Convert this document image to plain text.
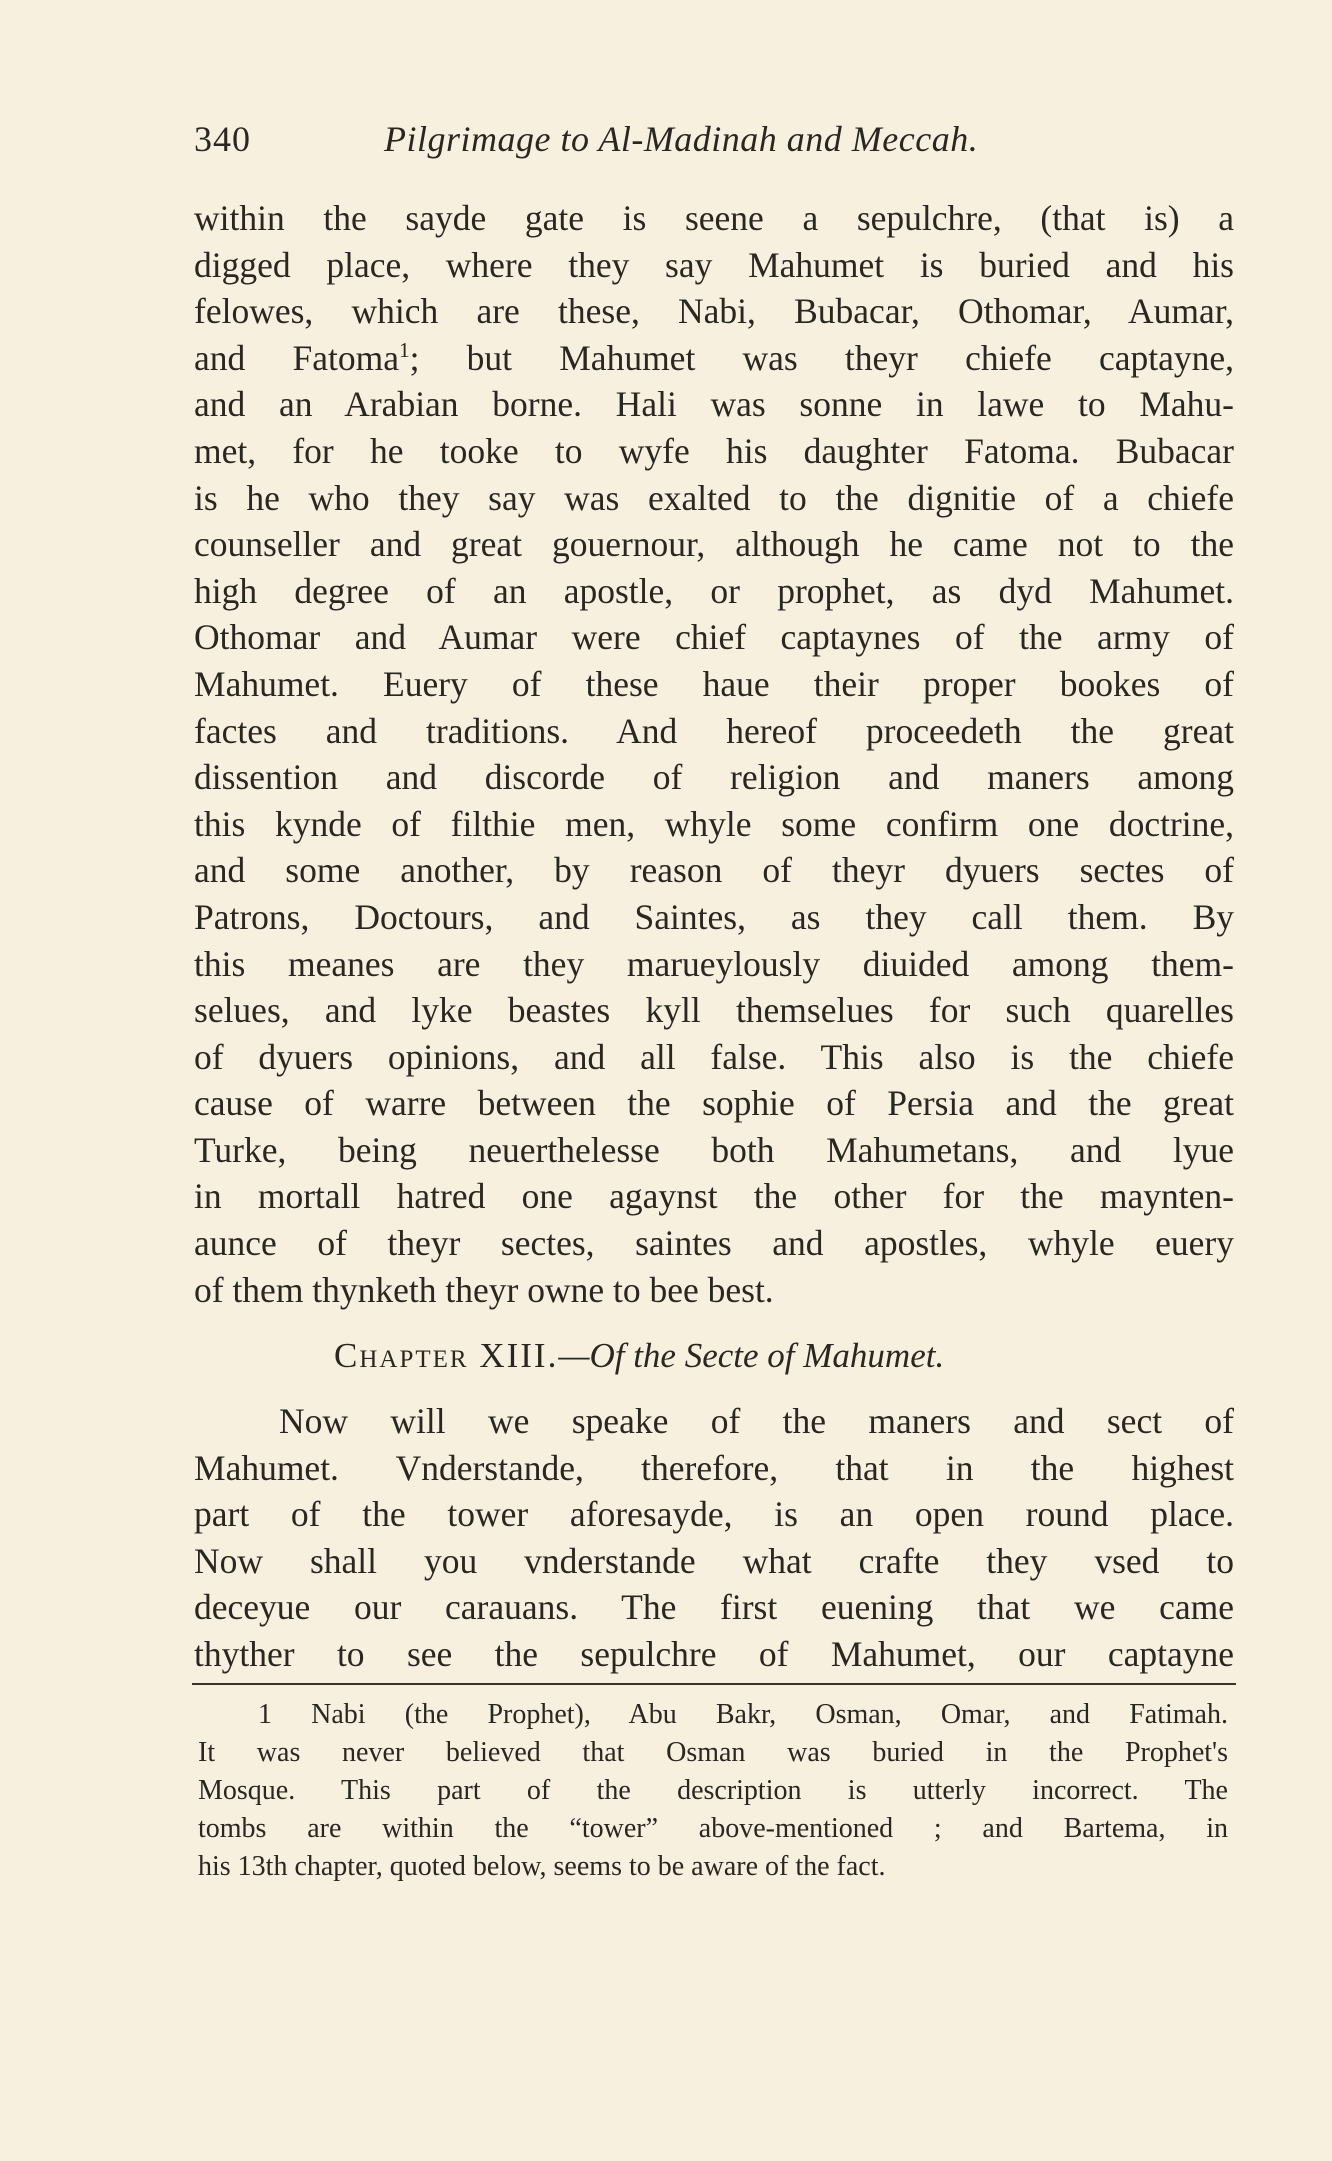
340	Pilgrimage to Al-Madinah and Meccah.
within the sayde gate is seene a sepulchre, (that is) a
digged place, where they say Mahumet is buried and his
felowes, which are these, Nabi, Bubacar, Othomar, Aumar,
and Fatoma$^1$; but Mahumet was theyr chiefe captayne,
and an Arabian borne. Hali was sonne in lawe to Mahu-
met, for he tooke to wyfe his daughter Fatoma. Bubacar
is he who they say was exalted to the dignitie of a chiefe
counseller and great gouernour, although he came not to the
high degree of an apostle, or prophet, as dyd Mahumet.
Othomar and Aumar were chief captaynes of the army of
Mahumet. Euery of these haue their proper bookes of
factes and traditions. And hereof proceedeth the great
dissention and discorde of religion and maners among
this kynde of filthie men, whyle some confirm one doctrine,
and some another, by reason of theyr dyuers sectes of
Patrons, Doctours, and Saintes, as they call them. By
this meanes are they marueylously diuided among them-
selues, and lyke beastes kyll themselues for such quarelles
of dyuers opinions, and all false. This also is the chiefe
cause of warre between the sophie of Persia and the great
Turke, being neuerthelesse both Mahumetans, and lyue
in mortall hatred one agaynst the other for the maynten-
aunce of theyr sectes, saintes and apostles, whyle euery
of them thynketh theyr owne to bee best.
Chapter XIII.—Of the Secte of Mahumet.
Now will we speake of the maners and sect of
Mahumet. Vnderstande, therefore, that in the highest
part of the tower aforesayde, is an open round place.
Now shall you vnderstande what crafte they vsed to
deceyue our carauans. The first euening that we came
thyther to see the sepulchre of Mahumet, our captayne
1 Nabi (the Prophet), Abu Bakr, Osman, Omar, and Fatimah.
It was never believed that Osman was buried in the Prophet's
Mosque. This part of the description is utterly incorrect. The
tombs are within the “tower” above-mentioned ; and Bartema, in
his 13th chapter, quoted below, seems to be aware of the fact.
